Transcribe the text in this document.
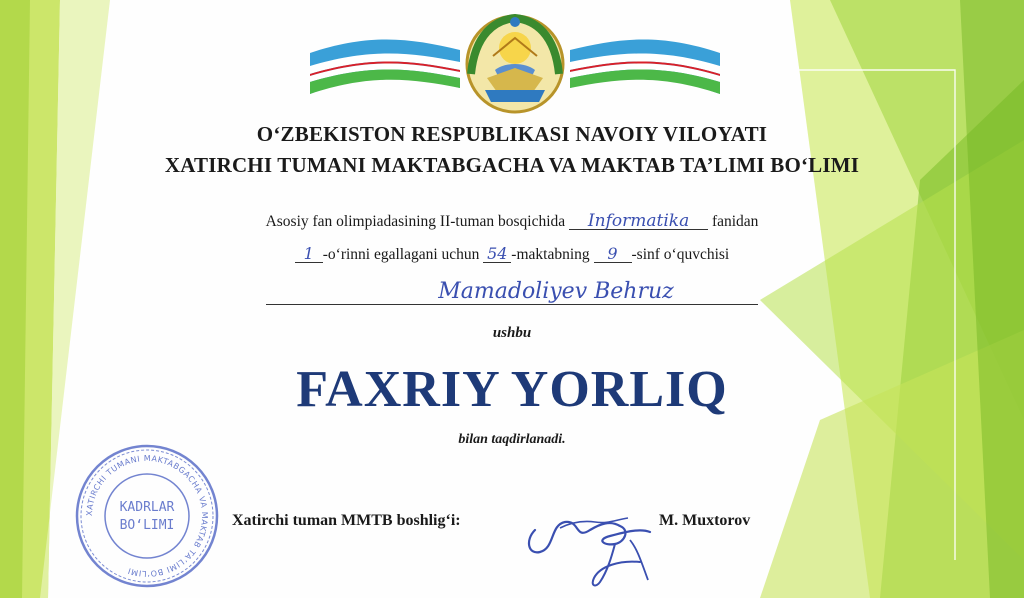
O‘ZBEKISTON RESPUBLIKASI NAVOIY VILOYATI
XATIRCHI TUMANI MAKTABGACHA VA MAKTAB TA’LIMI BO‘LIMI
Asosiy fan olimpiadasining II-tuman bosqichida Informatika fanidan
1 -o‘rinni egallagani uchun 54 -maktabning 9 -sinf o‘quvchisi
Mamadoliyev Behruz
ushbu
FAXRIY YORLIQ
bilan taqdirlanadi.
Xatirchi tuman MMTB boshlig‘i:	M. Muxtorov
XATIRCHI TUMANI MAKTABGACHA VA MAKTAB TA’LIMI BO‘LIMI
KADRLAR
BO‘LIMI
